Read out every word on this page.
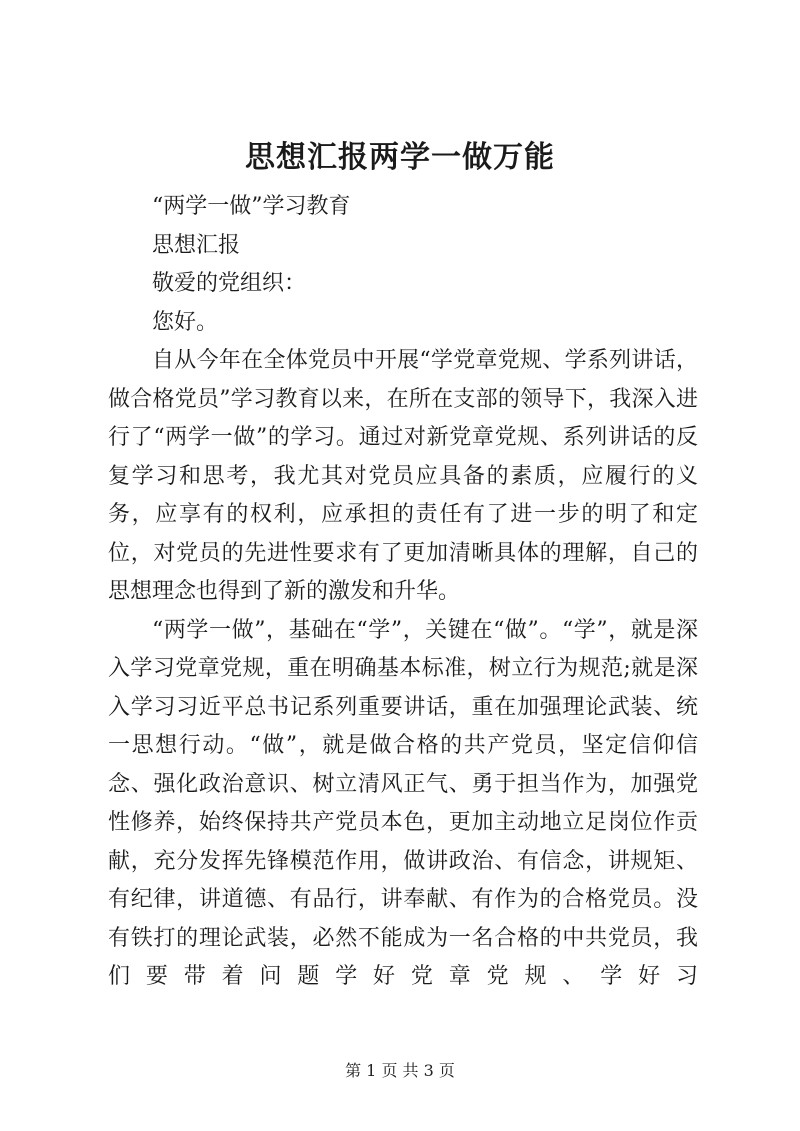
思想汇报两学一做万能

“两学一做”学习教育

思想汇报

敬爱的党组织：

您好。

自从今年在全体党员中开展“学党章党规、学系列讲话，做合格党员”学习教育以来，在所在支部的领导下，我深入进行了“两学一做”的学习。通过对新党章党规、系列讲话的反复学习和思考，我尤其对党员应具备的素质，应履行的义务，应享有的权利，应承担的责任有了进一步的明了和定位，对党员的先进性要求有了更加清晰具体的理解，自己的思想理念也得到了新的激发和升华。

“两学一做”，基础在“学”，关键在“做”。“学”，就是深入学习党章党规，重在明确基本标准，树立行为规范;就是深入学习习近平总书记系列重要讲话，重在加强理论武装、统一思想行动。“做”，就是做合格的共产党员，坚定信仰信念、强化政治意识、树立清风正气、勇于担当作为，加强党性修养，始终保持共产党员本色，更加主动地立足岗位作贡献，充分发挥先锋模范作用，做讲政治、有信念，讲规矩、有纪律，讲道德、有品行，讲奉献、有作为的合格党员。没有铁打的理论武装，必然不能成为一名合格的中共党员，我们要带着问题学好党章党规、学好习

第 1 页 共 3 页
